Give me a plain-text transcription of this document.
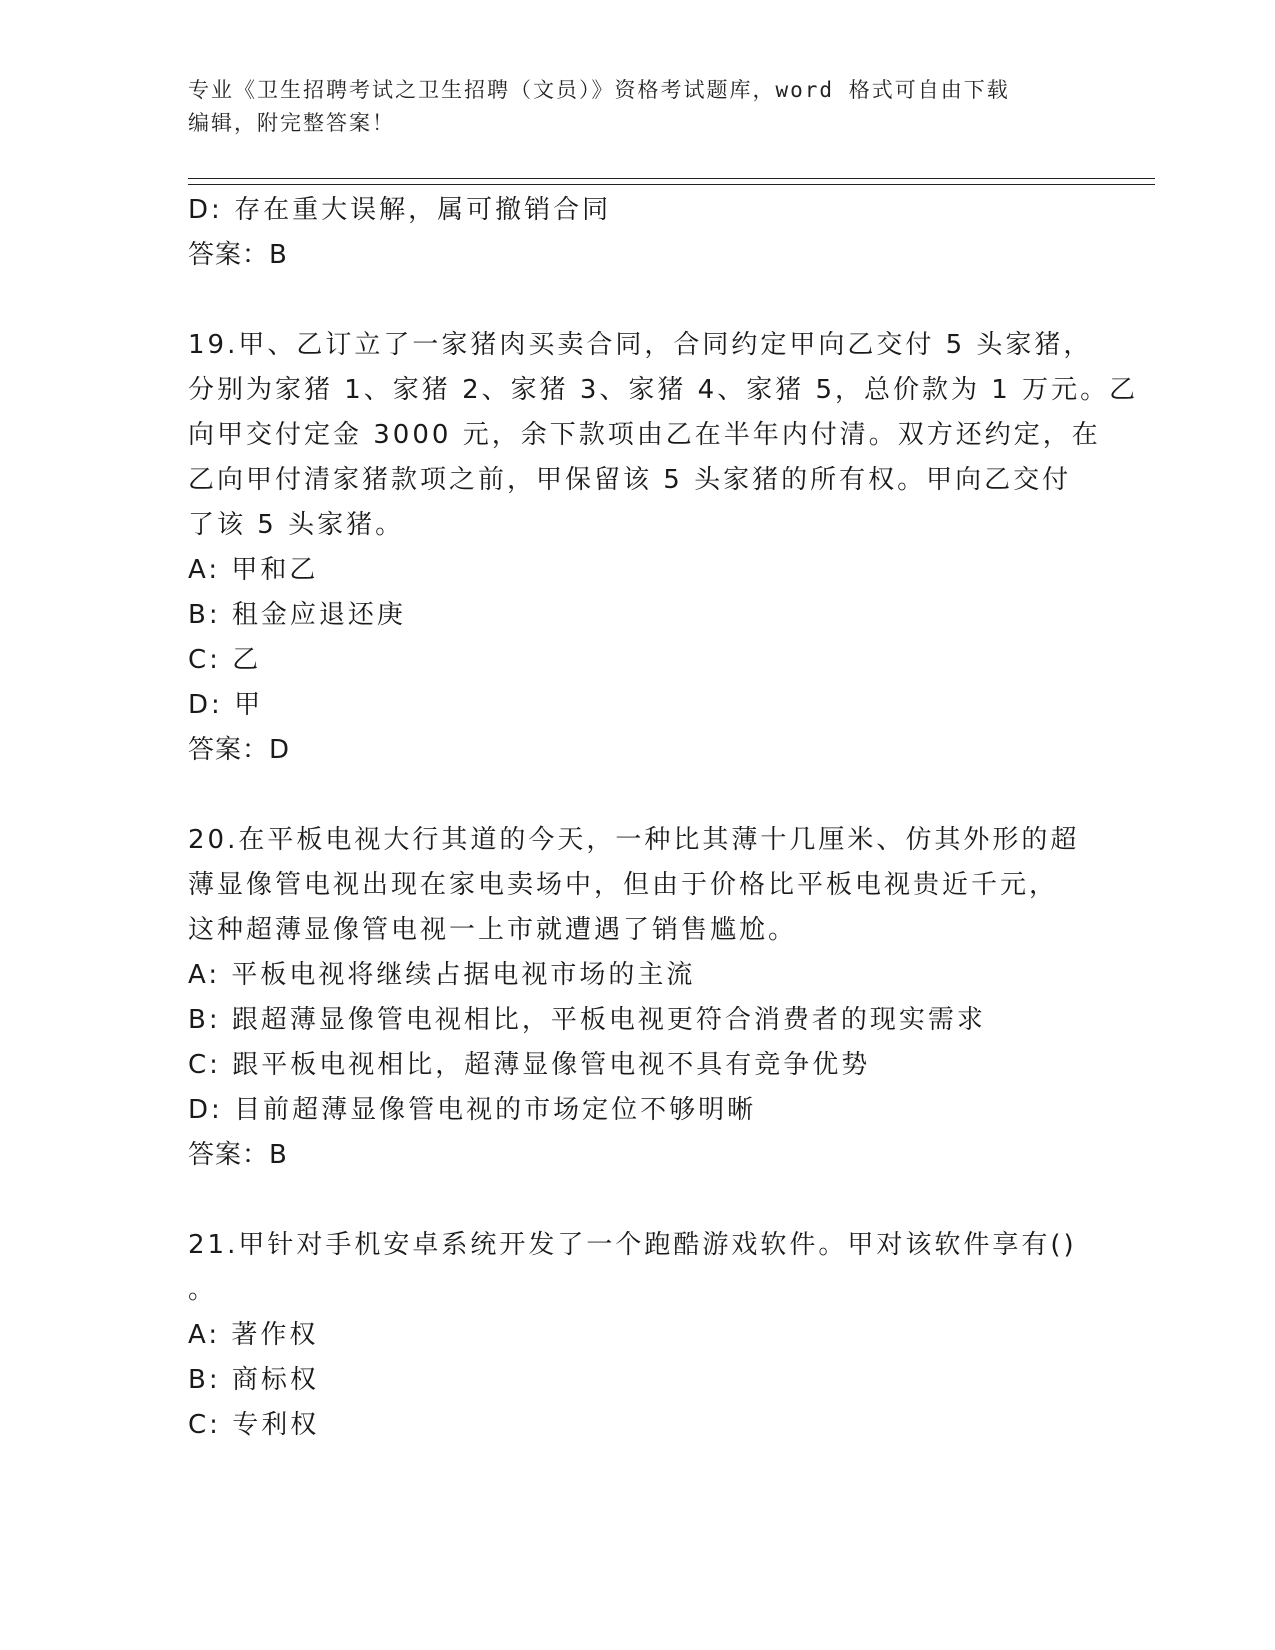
专业《卫生招聘考试之卫生招聘（文员）》资格考试题库，word 格式可自由下载
编辑，附完整答案！
D: 存在重大误解，属可撤销合同
答案：B
19.甲、乙订立了一家猪肉买卖合同，合同约定甲向乙交付 5 头家猪，
分别为家猪 1、家猪 2、家猪 3、家猪 4、家猪 5，总价款为 1 万元。乙
向甲交付定金 3000 元，余下款项由乙在半年内付清。双方还约定，在
乙向甲付清家猪款项之前，甲保留该 5 头家猪的所有权。甲向乙交付
了该 5 头家猪。
A: 甲和乙
B: 租金应退还庚
C: 乙
D: 甲
答案：D
20.在平板电视大行其道的今天，一种比其薄十几厘米、仿其外形的超
薄显像管电视出现在家电卖场中，但由于价格比平板电视贵近千元，
这种超薄显像管电视一上市就遭遇了销售尴尬。
A: 平板电视将继续占据电视市场的主流
B: 跟超薄显像管电视相比，平板电视更符合消费者的现实需求
C: 跟平板电视相比，超薄显像管电视不具有竞争优势
D: 目前超薄显像管电视的市场定位不够明晰
答案：B
21.甲针对手机安卓系统开发了一个跑酷游戏软件。甲对该软件享有()
。
A: 著作权
B: 商标权
C: 专利权
